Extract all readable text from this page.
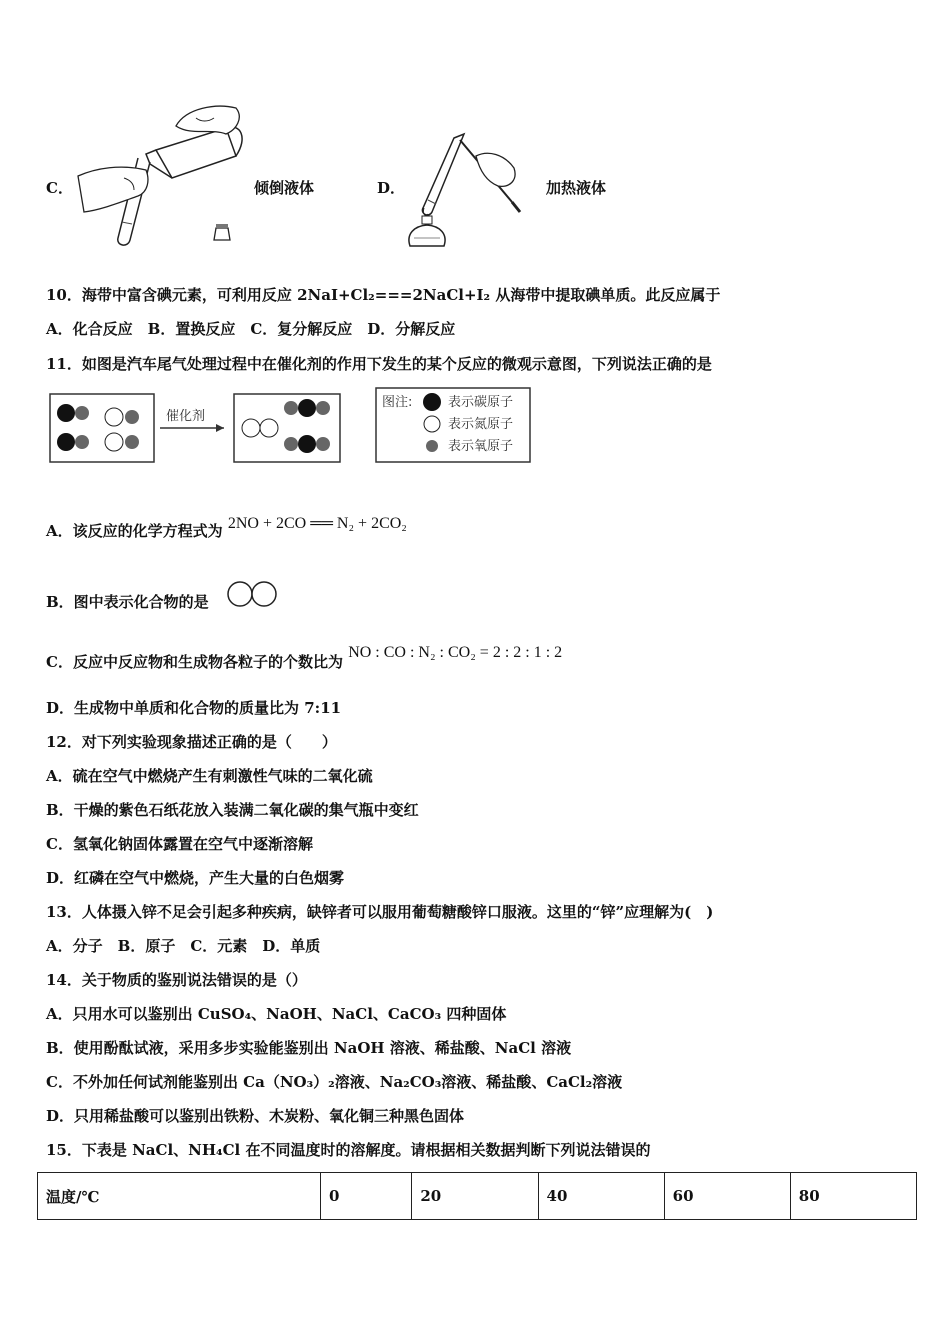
C．	倾倒液体	D．	加热液体
10．海带中富含碘元素，可利用反应 2NaI+Cl₂===2NaCl+I₂ 从海带中提取碘单质。此反应属于
A．化合反应　B．置换反应　C．复分解反应　D．分解反应
11．如图是汽车尾气处理过程中在催化剂的作用下发生的某个反应的微观示意图，下列说法正确的是
催化剂
图注:	表示碳原子
表示氮原子
表示氧原子
A．该反应的化学方程式为 2NO + 2CO ══ N₂ + 2CO₂
B．图中表示化合物的是
C．反应中反应物和生成物各粒子的个数比为 NO : CO : N₂ : CO₂ = 2 : 2 : 1 : 2
D．生成物中单质和化合物的质量比为 7:11
12．对下列实验现象描述正确的是（　　）
A．硫在空气中燃烧产生有刺激性气味的二氧化硫
B．干燥的紫色石纸花放入装满二氧化碳的集气瓶中变红
C．氢氧化钠固体露置在空气中逐渐溶解
D．红磷在空气中燃烧，产生大量的白色烟雾
13．人体摄入锌不足会引起多种疾病，缺锌者可以服用葡萄糖酸锌口服液。这里的“锌”应理解为(　)
A．分子　B．原子　C．元素　D．单质
14．关于物质的鉴别说法错误的是（）
A．只用水可以鉴别出 CuSO₄、NaOH、NaCl、CaCO₃ 四种固体
B．使用酚酞试液，采用多步实验能鉴别出 NaOH 溶液、稀盐酸、NaCl 溶液
C．不外加任何试剂能鉴别出 Ca（NO₃）₂溶液、Na₂CO₃溶液、稀盐酸、CaCl₂溶液
D．只用稀盐酸可以鉴别出铁粉、木炭粉、氧化铜三种黑色固体
15．下表是 NaCl、NH₄Cl 在不同温度时的溶解度。请根据相关数据判断下列说法错误的
温度/℃	0	20	40	60	80
